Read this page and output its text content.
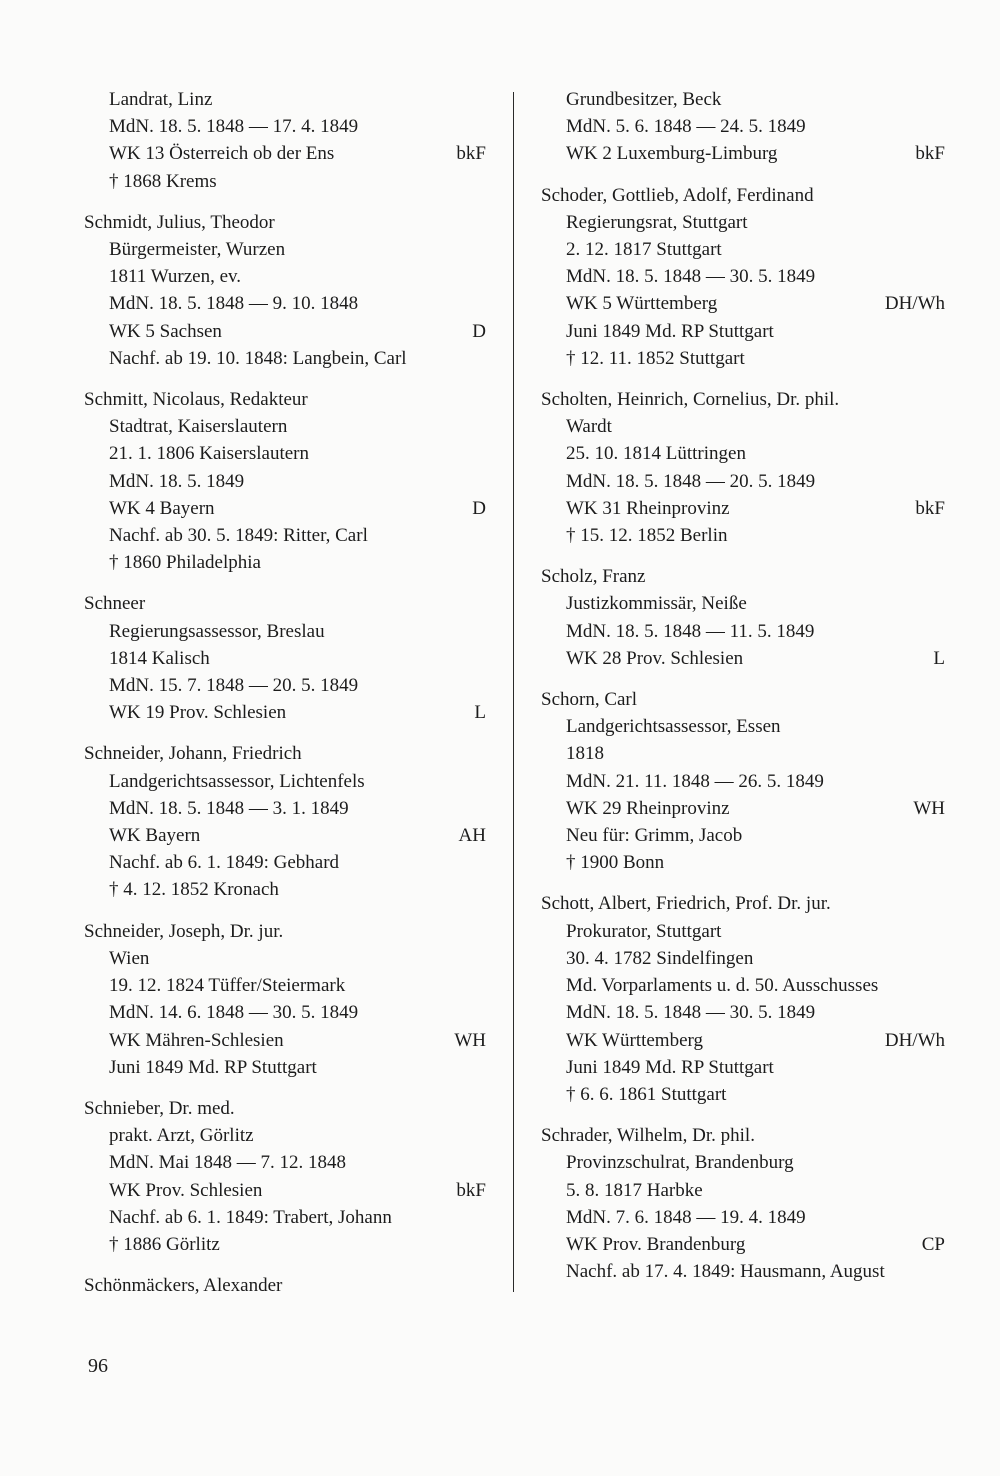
Landrat, Linz
MdN. 18. 5. 1848 — 17. 4. 1849
WK 13 Österreich ob der Ens	bkF
† 1868 Krems
Schmidt, Julius, Theodor
Bürgermeister, Wurzen
1811 Wurzen, ev.
MdN. 18. 5. 1848 — 9. 10. 1848
WK 5 Sachsen	D
Nachf. ab 19. 10. 1848: Langbein, Carl
Schmitt, Nicolaus, Redakteur
Stadtrat, Kaiserslautern
21. 1. 1806 Kaiserslautern
MdN. 18. 5. 1849
WK 4 Bayern	D
Nachf. ab 30. 5. 1849: Ritter, Carl
† 1860 Philadelphia
Schneer
Regierungsassessor, Breslau
1814 Kalisch
MdN. 15. 7. 1848 — 20. 5. 1849
WK 19 Prov. Schlesien	L
Schneider, Johann, Friedrich
Landgerichtsassessor, Lichtenfels
MdN. 18. 5. 1848 — 3. 1. 1849
WK Bayern	AH
Nachf. ab 6. 1. 1849: Gebhard
† 4. 12. 1852 Kronach
Schneider, Joseph, Dr. jur.
Wien
19. 12. 1824 Tüffer/Steiermark
MdN. 14. 6. 1848 — 30. 5. 1849
WK Mähren-Schlesien	WH
Juni 1849 Md. RP Stuttgart
Schnieber, Dr. med.
prakt. Arzt, Görlitz
MdN. Mai 1848 — 7. 12. 1848
WK Prov. Schlesien	bkF
Nachf. ab 6. 1. 1849: Trabert, Johann
† 1886 Görlitz
Schönmäckers, Alexander
Grundbesitzer, Beck
MdN. 5. 6. 1848 — 24. 5. 1849
WK 2 Luxemburg-Limburg	bkF
Schoder, Gottlieb, Adolf, Ferdinand
Regierungsrat, Stuttgart
2. 12. 1817 Stuttgart
MdN. 18. 5. 1848 — 30. 5. 1849
WK 5 Württemberg	DH/Wh
Juni 1849 Md. RP Stuttgart
† 12. 11. 1852 Stuttgart
Scholten, Heinrich, Cornelius, Dr. phil.
Wardt
25. 10. 1814 Lüttringen
MdN. 18. 5. 1848 — 20. 5. 1849
WK 31 Rheinprovinz	bkF
† 15. 12. 1852 Berlin
Scholz, Franz
Justizkommissär, Neiße
MdN. 18. 5. 1848 — 11. 5. 1849
WK 28 Prov. Schlesien	L
Schorn, Carl
Landgerichtsassessor, Essen
1818
MdN. 21. 11. 1848 — 26. 5. 1849
WK 29 Rheinprovinz	WH
Neu für: Grimm, Jacob
† 1900 Bonn
Schott, Albert, Friedrich, Prof. Dr. jur.
Prokurator, Stuttgart
30. 4. 1782 Sindelfingen
Md. Vorparlaments u. d. 50. Ausschusses
MdN. 18. 5. 1848 — 30. 5. 1849
WK Württemberg	DH/Wh
Juni 1849 Md. RP Stuttgart
† 6. 6. 1861 Stuttgart
Schrader, Wilhelm, Dr. phil.
Provinzschulrat, Brandenburg
5. 8. 1817 Harbke
MdN. 7. 6. 1848 — 19. 4. 1849
WK Prov. Brandenburg	CP
Nachf. ab 17. 4. 1849: Hausmann, August
96
